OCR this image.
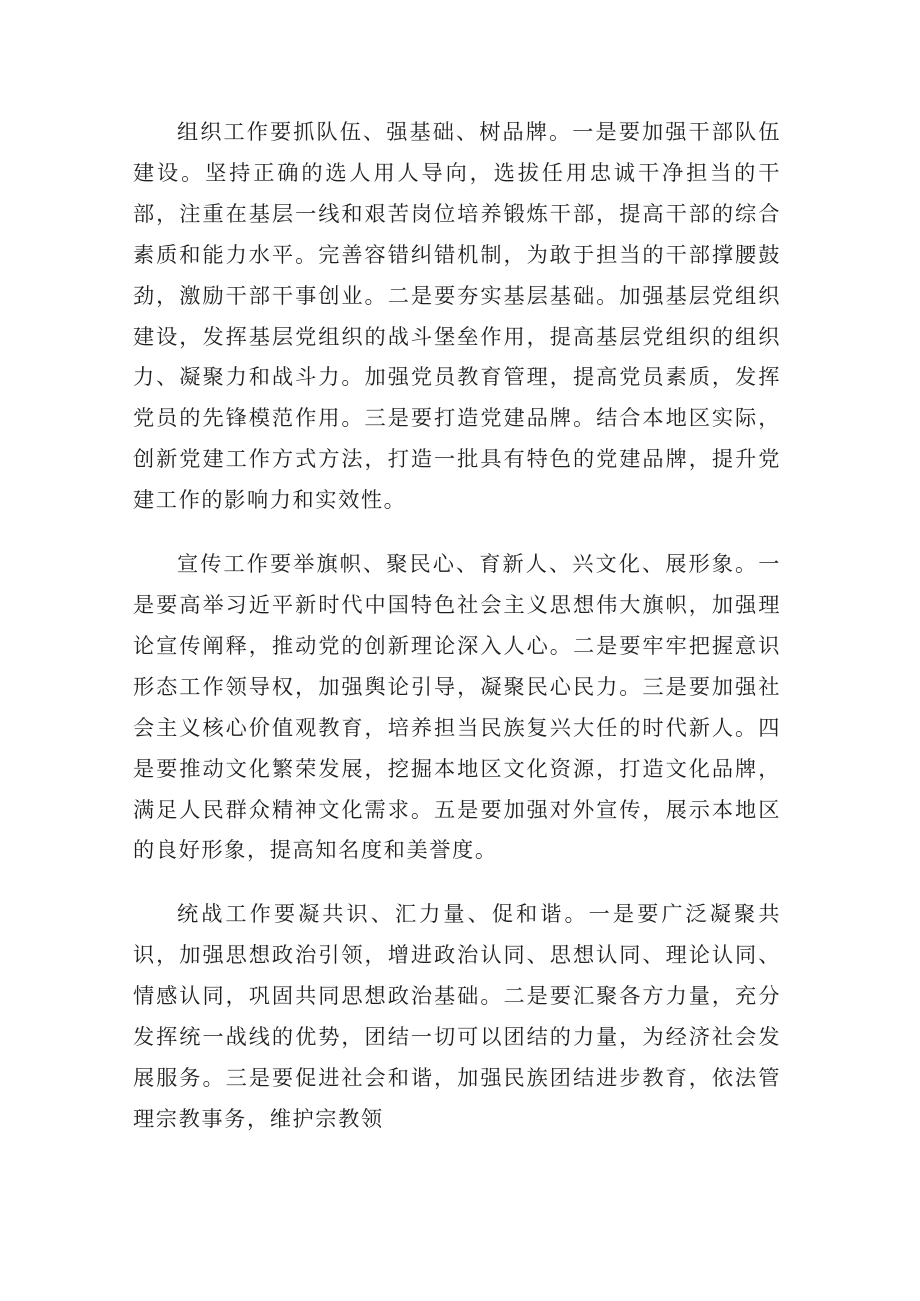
组织工作要抓队伍、强基础、树品牌。一是要加强干部队伍建设。坚持正确的选人用人导向，选拔任用忠诚干净担当的干部，注重在基层一线和艰苦岗位培养锻炼干部，提高干部的综合素质和能力水平。完善容错纠错机制，为敢于担当的干部撑腰鼓劲，激励干部干事创业。二是要夯实基层基础。加强基层党组织建设，发挥基层党组织的战斗堡垒作用，提高基层党组织的组织力、凝聚力和战斗力。加强党员教育管理，提高党员素质，发挥党员的先锋模范作用。三是要打造党建品牌。结合本地区实际，创新党建工作方式方法，打造一批具有特色的党建品牌，提升党建工作的影响力和实效性。

宣传工作要举旗帜、聚民心、育新人、兴文化、展形象。一是要高举习近平新时代中国特色社会主义思想伟大旗帜，加强理论宣传阐释，推动党的创新理论深入人心。二是要牢牢把握意识形态工作领导权，加强舆论引导，凝聚民心民力。三是要加强社会主义核心价值观教育，培养担当民族复兴大任的时代新人。四是要推动文化繁荣发展，挖掘本地区文化资源，打造文化品牌，满足人民群众精神文化需求。五是要加强对外宣传，展示本地区的良好形象，提高知名度和美誉度。

统战工作要凝共识、汇力量、促和谐。一是要广泛凝聚共识，加强思想政治引领，增进政治认同、思想认同、理论认同、情感认同，巩固共同思想政治基础。二是要汇聚各方力量，充分发挥统一战线的优势，团结一切可以团结的力量，为经济社会发展服务。三是要促进社会和谐，加强民族团结进步教育，依法管理宗教事务，维护宗教领
